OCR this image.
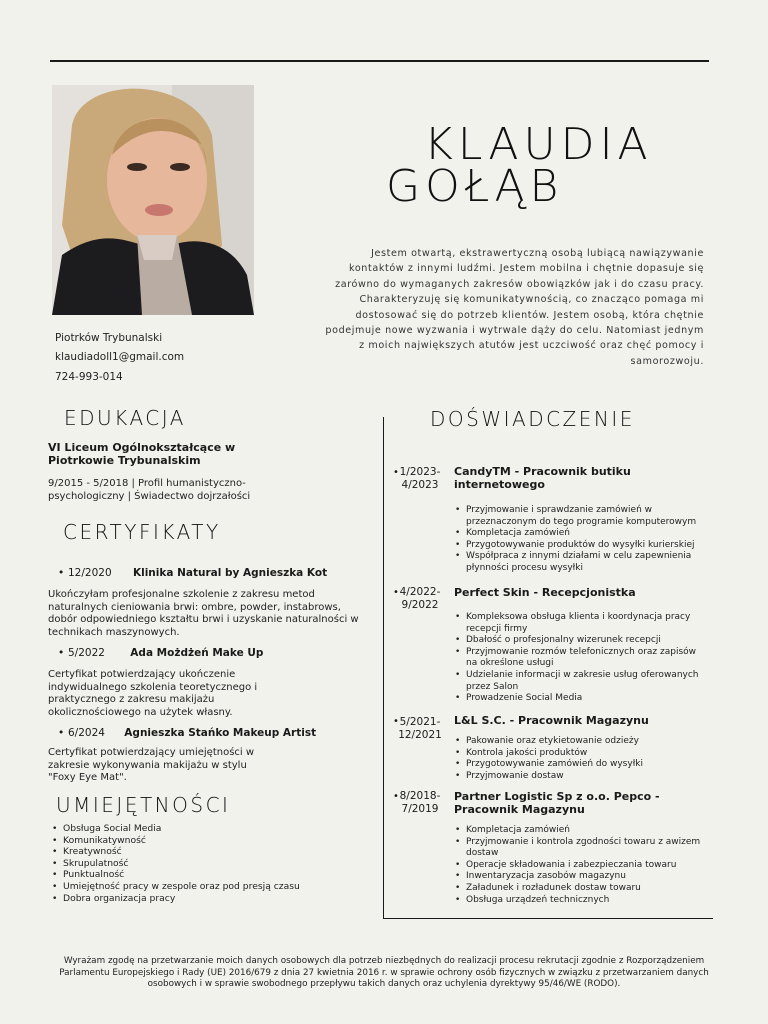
KLAUDIA
GOŁĄB
Jestem otwartą, ekstrawertyczną osobą lubiącą nawiązywanie kontaktów z innymi ludźmi. Jestem mobilna i chętnie dopasuje się zarówno do wymaganych zakresów obowiązków jak i do czasu pracy. Charakteryzuję się komunikatywnością, co znacząco pomaga mi dostosować się do potrzeb klientów. Jestem osobą, która chętnie podejmuje nowe wyzwania i wytrwale dąży do celu. Natomiast jednym z moich największych atutów jest uczciwość oraz chęć pomocy i samorozwoju.
Piotrków Trybunalski
klaudiadoll1@gmail.com
724-993-014
EDUKACJA
VI Liceum Ogólnokształcące w Piotrkowie Trybunalskim
9/2015 - 5/2018 | Profil humanistyczno-psychologiczny | Świadectwo dojrzałości
CERTYFIKATY
12/2020 Klinika Natural by Agnieszka Kot
Ukończyłam profesjonalne szkolenie z zakresu metod naturalnych cieniowania brwi: ombre, powder, instabrows, dobór odpowiedniego kształtu brwi i uzyskanie naturalności w technikach maszynowych.
5/2022 Ada Możdżeń Make Up
Certyfikat potwierdzający ukończenie indywidualnego szkolenia teoretycznego i praktycznego z zakresu makijażu okolicznościowego na użytek własny.
6/2024 Agnieszka Stańko Makeup Artist
Certyfikat potwierdzający umiejętności w zakresie wykonywania makijażu w stylu "Foxy Eye Mat".
UMIEJĘTNOŚCI
• Obsługa Social Media
• Komunikatywność
• Kreatywność
• Skrupulatność
• Punktualność
• Umiejętność pracy w zespole oraz pod presją czasu
• Dobra organizacja pracy
DOŚWIADCZENIE
1/2023-4/2023
CandyTM - Pracownik butiku internetowego
• Przyjmowanie i sprawdzanie zamówień w przeznaczonym do tego programie komputerowym
• Kompletacja zamówień
• Przygotowywanie produktów do wysyłki kurierskiej
• Współpraca z innymi działami w celu zapewnienia płynności procesu wysyłki
4/2022-9/2022
Perfect Skin - Recepcjonistka
• Kompleksowa obsługa klienta i koordynacja pracy recepcji firmy
• Dbałość o profesjonalny wizerunek recepcji
• Przyjmowanie rozmów telefonicznych oraz zapisów na określone usługi
• Udzielanie informacji w zakresie usług oferowanych przez Salon
• Prowadzenie Social Media
5/2021-12/2021
L&L S.C. - Pracownik Magazynu
• Pakowanie oraz etykietowanie odzieży
• Kontrola jakości produktów
• Przygotowywanie zamówień do wysyłki
• Przyjmowanie dostaw
8/2018-7/2019
Partner Logistic Sp z o.o. Pepco - Pracownik Magazynu
• Kompletacja zamówień
• Przyjmowanie i kontrola zgodności towaru z awizem dostaw
• Operacje składowania i zabezpieczania towaru
• Inwentaryzacja zasobów magazynu
• Załadunek i rozładunek dostaw towaru
• Obsługa urządzeń technicznych
Wyrażam zgodę na przetwarzanie moich danych osobowych dla potrzeb niezbędnych do realizacji procesu rekrutacji zgodnie z Rozporządzeniem Parlamentu Europejskiego i Rady (UE) 2016/679 z dnia 27 kwietnia 2016 r. w sprawie ochrony osób fizycznych w związku z przetwarzaniem danych osobowych i w sprawie swobodnego przepływu takich danych oraz uchylenia dyrektywy 95/46/WE (RODO).
